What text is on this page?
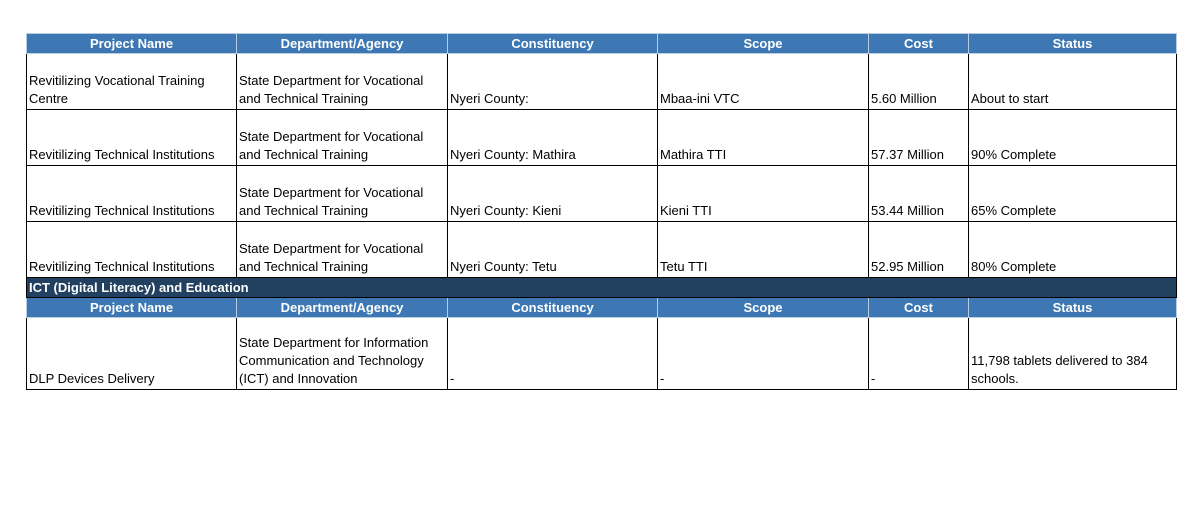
Project Name	Department/Agency	Constituency	Scope	Cost	Status
Revitilizing Vocational Training Centre	State Department for Vocational and Technical Training	Nyeri County:	Mbaa-ini VTC	5.60 Million	About to start
Revitilizing Technical Institutions	State Department for Vocational and Technical Training	Nyeri County: Mathira	Mathira TTI	57.37 Million	90% Complete
Revitilizing Technical Institutions	State Department for Vocational and Technical Training	Nyeri County: Kieni	Kieni TTI	53.44 Million	65% Complete
Revitilizing Technical Institutions	State Department for Vocational and Technical Training	Nyeri County: Tetu	Tetu TTI	52.95 Million	80% Complete
ICT (Digital Literacy) and Education					
Project Name	Department/Agency	Constituency	Scope	Cost	Status
DLP Devices Delivery	State Department for Information Communication and Technology (ICT) and Innovation	-	-	-	11,798 tablets delivered to 384 schools.
